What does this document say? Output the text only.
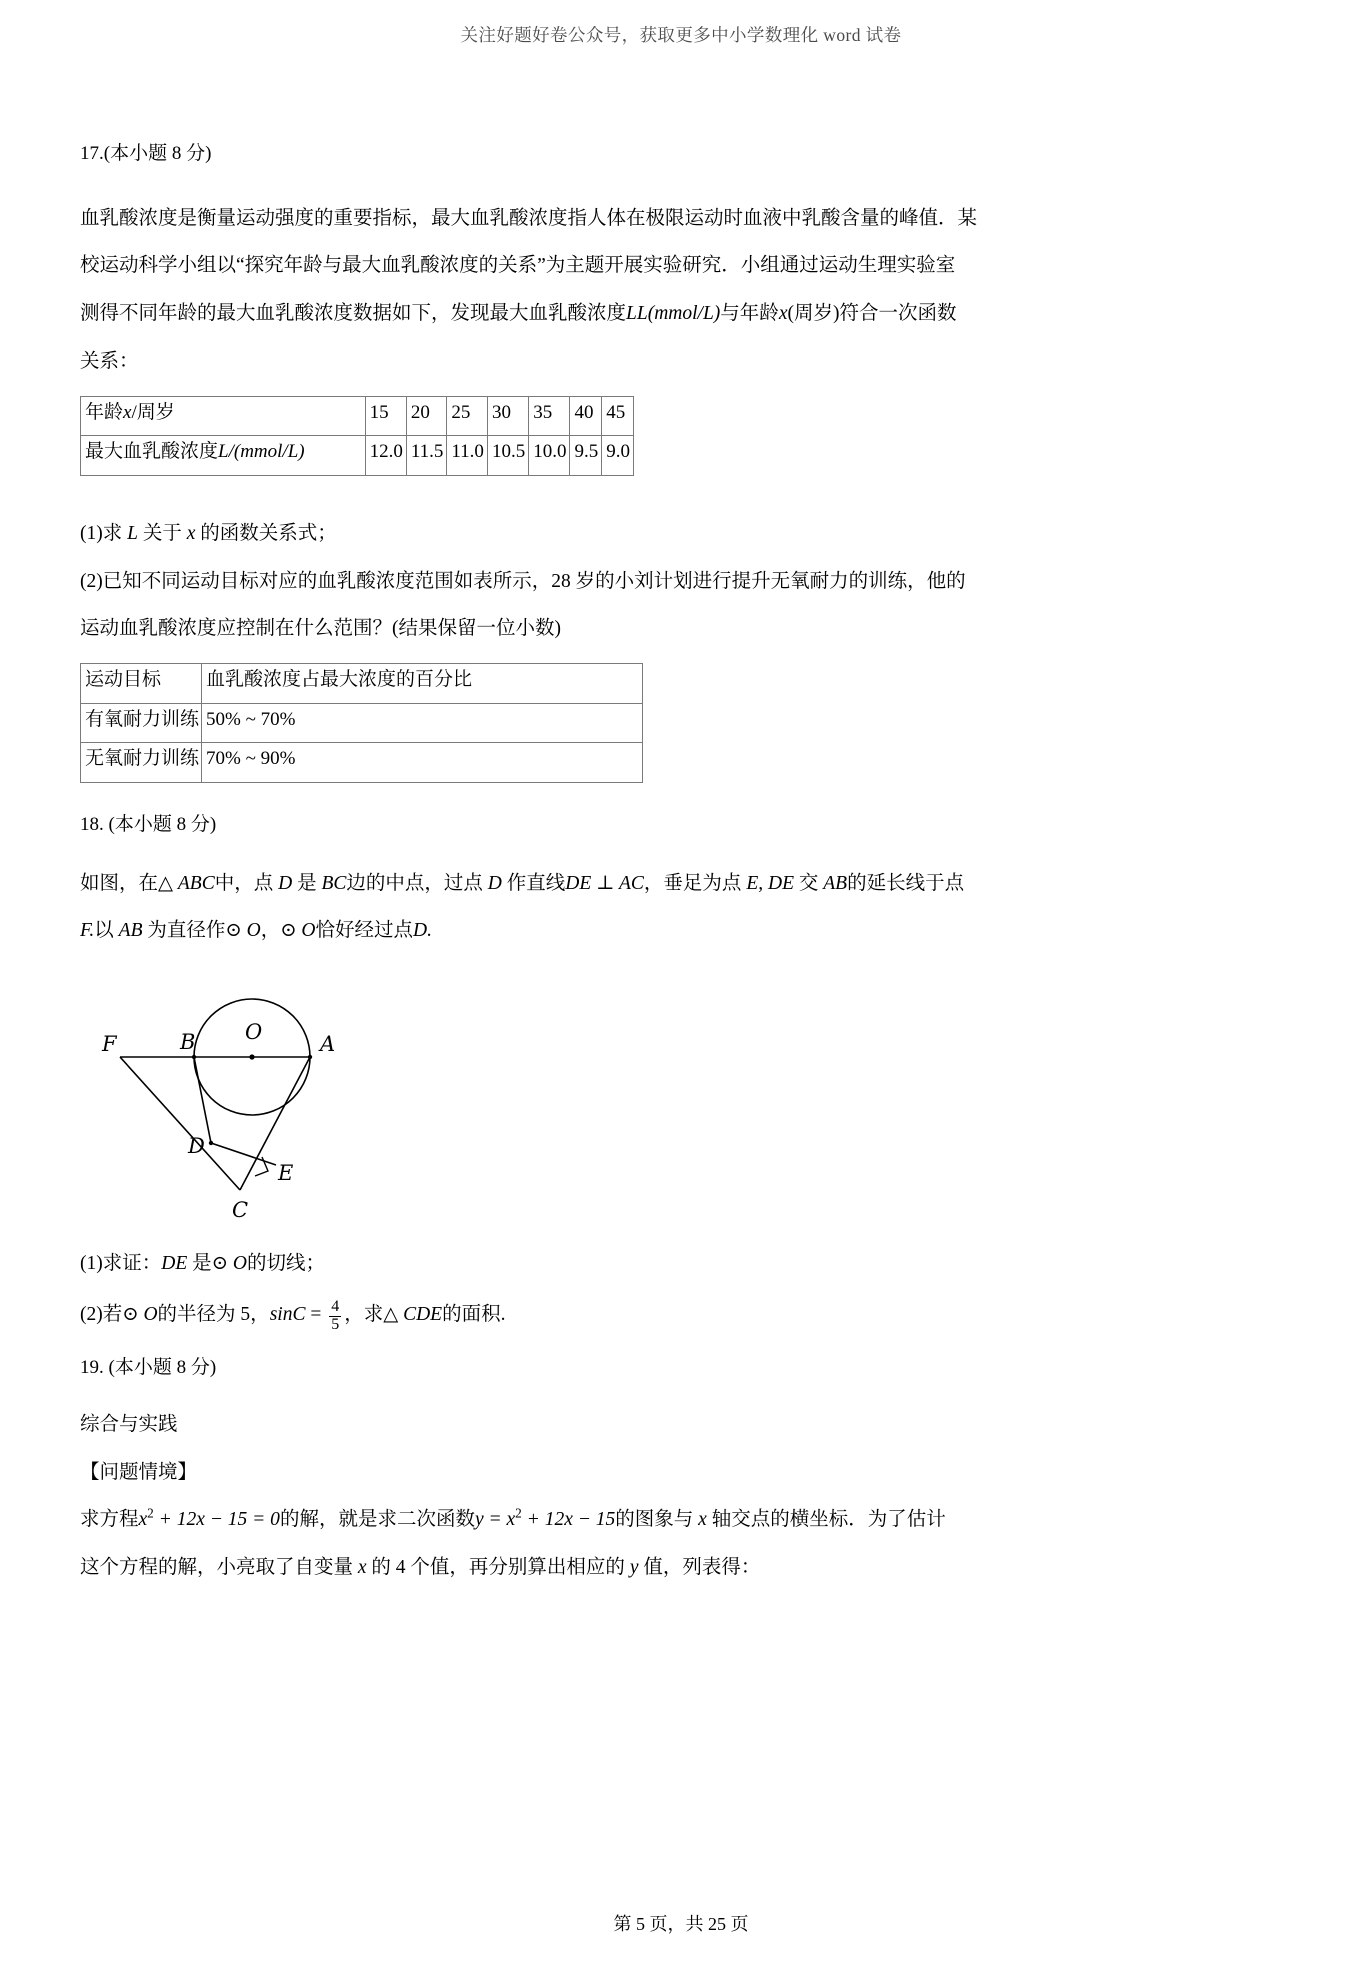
关注好题好卷公众号，获取更多中小学数理化 word 试卷
17.(本小题 8 分)

血乳酸浓度是衡量运动强度的重要指标，最大血乳酸浓度指人体在极限运动时血液中乳酸含量的峰值．某

校运动科学小组以“探究年龄与最大血乳酸浓度的关系”为主题开展实验研究．小组通过运动生理实验室

测得不同年龄的最大血乳酸浓度数据如下，发现最大血乳酸浓度LL(mmol/L)与年龄x(周岁)符合一次函数

关系：

年龄x/周岁	15	20	25	30	35	40	45
最大血乳酸浓度L/(mmol/L)	12.0	11.5	11.0	10.5	10.0	9.5	9.0

(1)求 L 关于 x 的函数关系式；

(2)已知不同运动目标对应的血乳酸浓度范围如表所示，28 岁的小刘计划进行提升无氧耐力的训练，他的

运动血乳酸浓度应控制在什么范围？(结果保留一位小数)

运动目标	血乳酸浓度占最大浓度的百分比
有氧耐力训练	50% ~ 70%
无氧耐力训练	70% ~ 90%
18. (本小题 8 分)

如图，在△ ABC中，点 D 是 BC边的中点，过点 D 作直线DE ⊥ AC，垂足为点 E, DE 交 AB的延长线于点

F.以 AB 为直径作⊙ O，⊙ O恰好经过点D.

F	B O	A
D
E
C

(1)求证：DE 是⊙ O的切线；

(2)若⊙ O的半径为 5，$\sin C = \frac{4}{5}$ ，求△ CDE的面积.

19. (本小题 8 分)

综合与实践

【问题情境】

求方程$x^2 + 12x - 15 = 0$的解，就是求二次函数$y = x^2 + 12x - 15$的图象与 x 轴交点的横坐标．为了估计

这个方程的解，小亮取了自变量 x 的 4 个值，再分别算出相应的 y 值，列表得：

第 5 页，共 25 页
